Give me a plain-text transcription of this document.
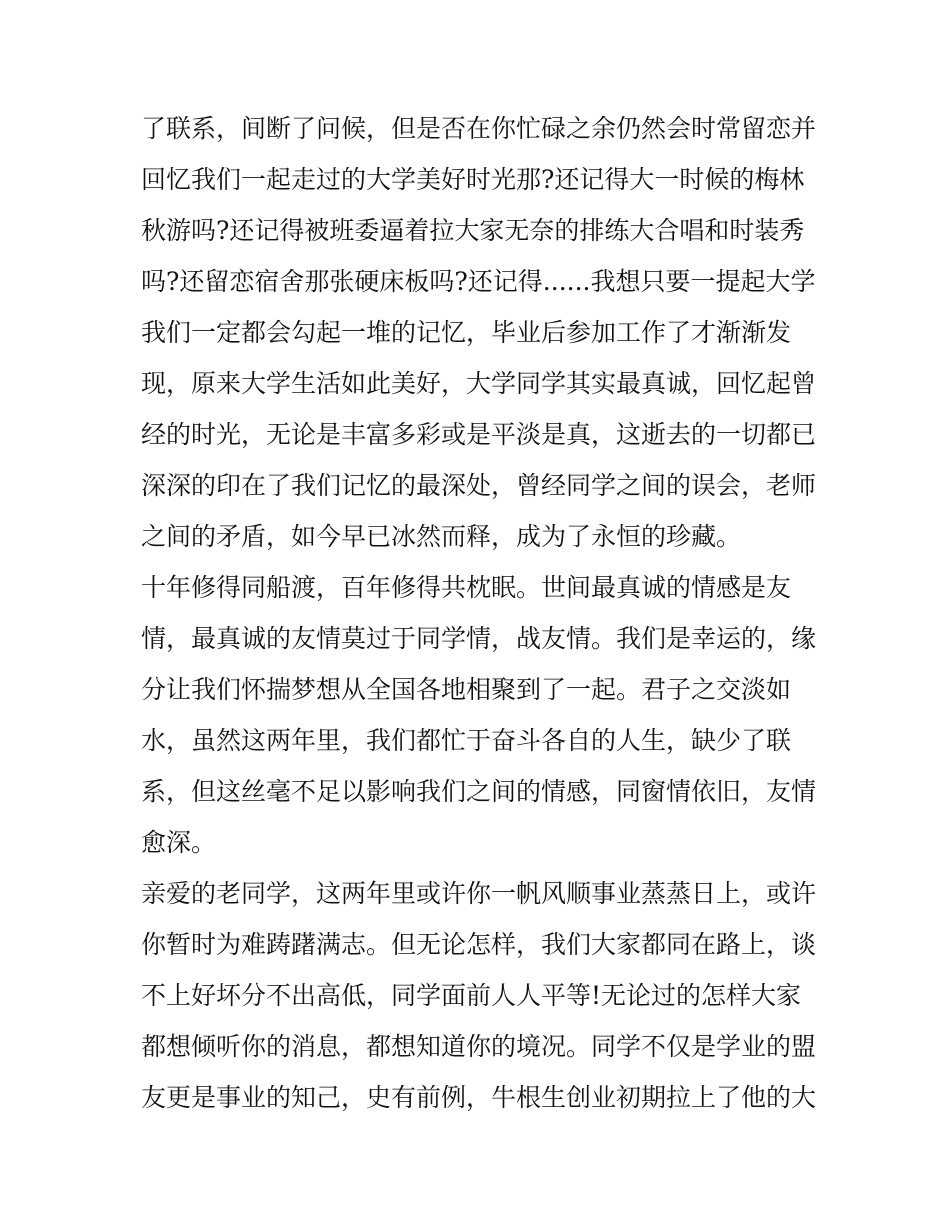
了联系，间断了问候，但是否在你忙碌之余仍然会时常留恋并
回忆我们一起走过的大学美好时光那?还记得大一时候的梅林
秋游吗?还记得被班委逼着拉大家无奈的排练大合唱和时装秀
吗?还留恋宿舍那张硬床板吗?还记得......我想只要一提起大学
我们一定都会勾起一堆的记忆，毕业后参加工作了才渐渐发
现，原来大学生活如此美好，大学同学其实最真诚，回忆起曾
经的时光，无论是丰富多彩或是平淡是真，这逝去的一切都已
深深的印在了我们记忆的最深处，曾经同学之间的误会，老师
之间的矛盾，如今早已冰然而释，成为了永恒的珍藏。
十年修得同船渡，百年修得共枕眠。世间最真诚的情感是友
情，最真诚的友情莫过于同学情，战友情。我们是幸运的，缘
分让我们怀揣梦想从全国各地相聚到了一起。君子之交淡如
水，虽然这两年里，我们都忙于奋斗各自的人生，缺少了联
系，但这丝毫不足以影响我们之间的情感，同窗情依旧，友情
愈深。
亲爱的老同学，这两年里或许你一帆风顺事业蒸蒸日上，或许
你暂时为难踌躇满志。但无论怎样，我们大家都同在路上，谈
不上好坏分不出高低，同学面前人人平等!无论过的怎样大家
都想倾听你的消息，都想知道你的境况。同学不仅是学业的盟
友更是事业的知己，史有前例，牛根生创业初期拉上了他的大
